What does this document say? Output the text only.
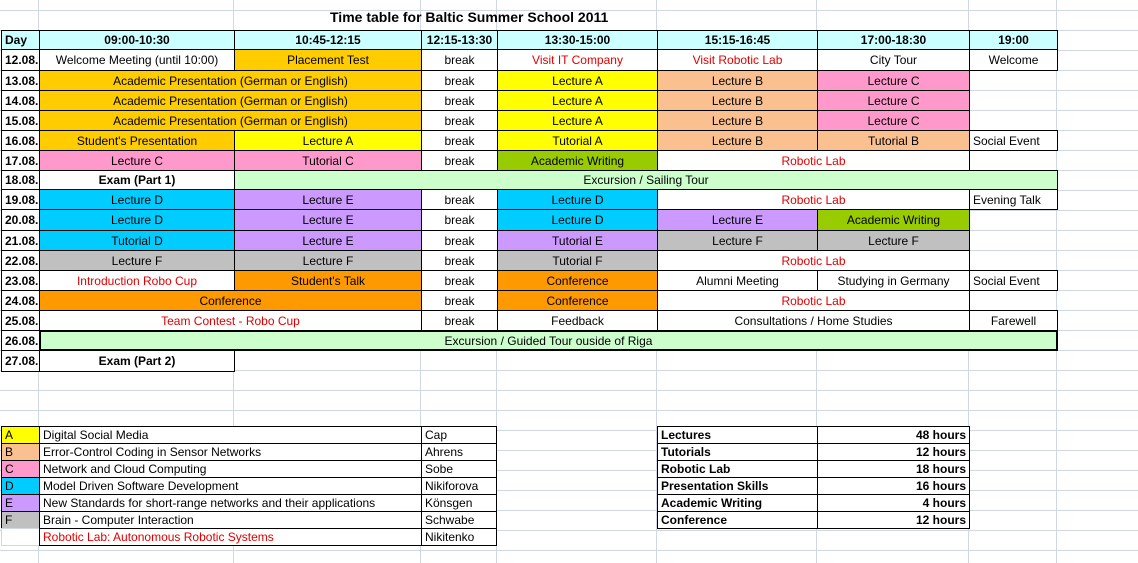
Time table for Baltic Summer School 2011
Day	09:00-10:30	10:45-12:15	12:15-13:30	13:30-15:00	15:15-16:45	17:00-18:30	19:00
12.08.	Welcome Meeting (until 10:00)	Placement Test	break	Visit IT Company	Visit Robotic Lab	City Tour	Welcome
13.08.	Academic Presentation (German or English)	break	Lecture A	Lecture B	Lecture C
14.08.	Academic Presentation (German or English)	break	Lecture A	Lecture B	Lecture C
15.08.	Academic Presentation (German or English)	break	Lecture A	Lecture B	Lecture C
16.08.	Student's Presentation	Lecture A	break	Tutorial A	Lecture B	Tutorial B	Social Event
17.08.	Lecture C	Tutorial C	break	Academic Writing	Robotic Lab
18.08.	Exam (Part 1)	Excursion / Sailing Tour
19.08.	Lecture D	Lecture E	break	Lecture D	Robotic Lab	Evening Talk
20.08.	Lecture D	Lecture E	break	Lecture D	Lecture E	Academic Writing
21.08.	Tutorial D	Lecture E	break	Tutorial E	Lecture F	Lecture F
22.08.	Lecture F	Lecture F	break	Tutorial F	Robotic Lab
23.08.	Introduction Robo Cup	Student's Talk	break	Conference	Alumni Meeting	Studying in Germany	Social Event
24.08.	Conference	break	Conference	Robotic Lab
25.08.	Team Contest - Robo Cup	break	Feedback	Consultations / Home Studies	Farewell
26.08.	Excursion / Guided Tour ouside of Riga
27.08.	Exam (Part 2)
A	Digital Social Media	Cap
B	Error-Control Coding in Sensor Networks	Ahrens
C	Network and Cloud Computing	Sobe
D	Model Driven Software Development	Nikiforova
E	New Standards for short-range networks and their applications	Könsgen
F	Brain - Computer Interaction	Schwabe
Robotic Lab: Autonomous Robotic Systems	Nikitenko
Lectures	48 hours
Tutorials	12 hours
Robotic Lab	18 hours
Presentation Skills	16 hours
Academic Writing	4 hours
Conference	12 hours
